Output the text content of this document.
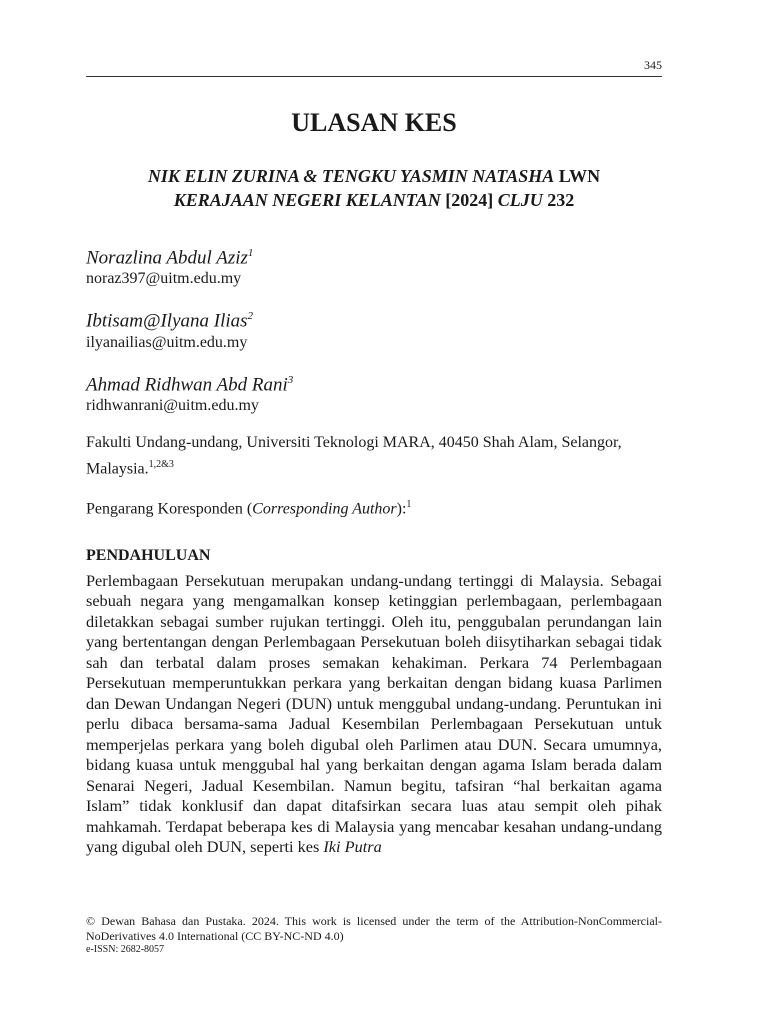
345
ULASAN KES
NIK ELIN ZURINA & TENGKU YASMIN NATASHA LWN
KERAJAAN NEGERI KELANTAN [2024] CLJU 232
Norazlina Abdul Aziz$^1$
noraz397@uitm.edu.my
Ibtisam@Ilyana Ilias$^2$
ilyanailias@uitm.edu.my
Ahmad Ridhwan Abd Rani$^3$
ridhwanrani@uitm.edu.my
Fakulti Undang-undang, Universiti Teknologi MARA, 40450 Shah Alam, Selangor, Malaysia.$^{1,2\&3}$
Pengarang Koresponden (Corresponding Author):$^1$
PENDAHULUAN
Perlembagaan Persekutuan merupakan undang-undang tertinggi di Malaysia. Sebagai sebuah negara yang mengamalkan konsep ketinggian perlembagaan, perlembagaan diletakkan sebagai sumber rujukan tertinggi. Oleh itu, penggubalan perundangan lain yang bertentangan dengan Perlembagaan Persekutuan boleh diisytiharkan sebagai tidak sah dan terbatal dalam proses semakan kehakiman. Perkara 74 Perlembagaan Persekutuan memperuntukkan perkara yang berkaitan dengan bidang kuasa Parlimen dan Dewan Undangan Negeri (DUN) untuk menggubal undang-undang. Peruntukan ini perlu dibaca bersama-sama Jadual Kesembilan Perlembagaan Persekutuan untuk memperjelas perkara yang boleh digubal oleh Parlimen atau DUN. Secara umumnya, bidang kuasa untuk menggubal hal yang berkaitan dengan agama Islam berada dalam Senarai Negeri, Jadual Kesembilan. Namun begitu, tafsiran “hal berkaitan agama Islam” tidak konklusif dan dapat ditafsirkan secara luas atau sempit oleh pihak mahkamah. Terdapat beberapa kes di Malaysia yang mencabar kesahan undang-undang yang digubal oleh DUN, seperti kes Iki Putra
© Dewan Bahasa dan Pustaka. 2024. This work is licensed under the term of the Attribution-NonCommercial-NoDerivatives 4.0 International (CC BY-NC-ND 4.0)
e-ISSN: 2682-8057
